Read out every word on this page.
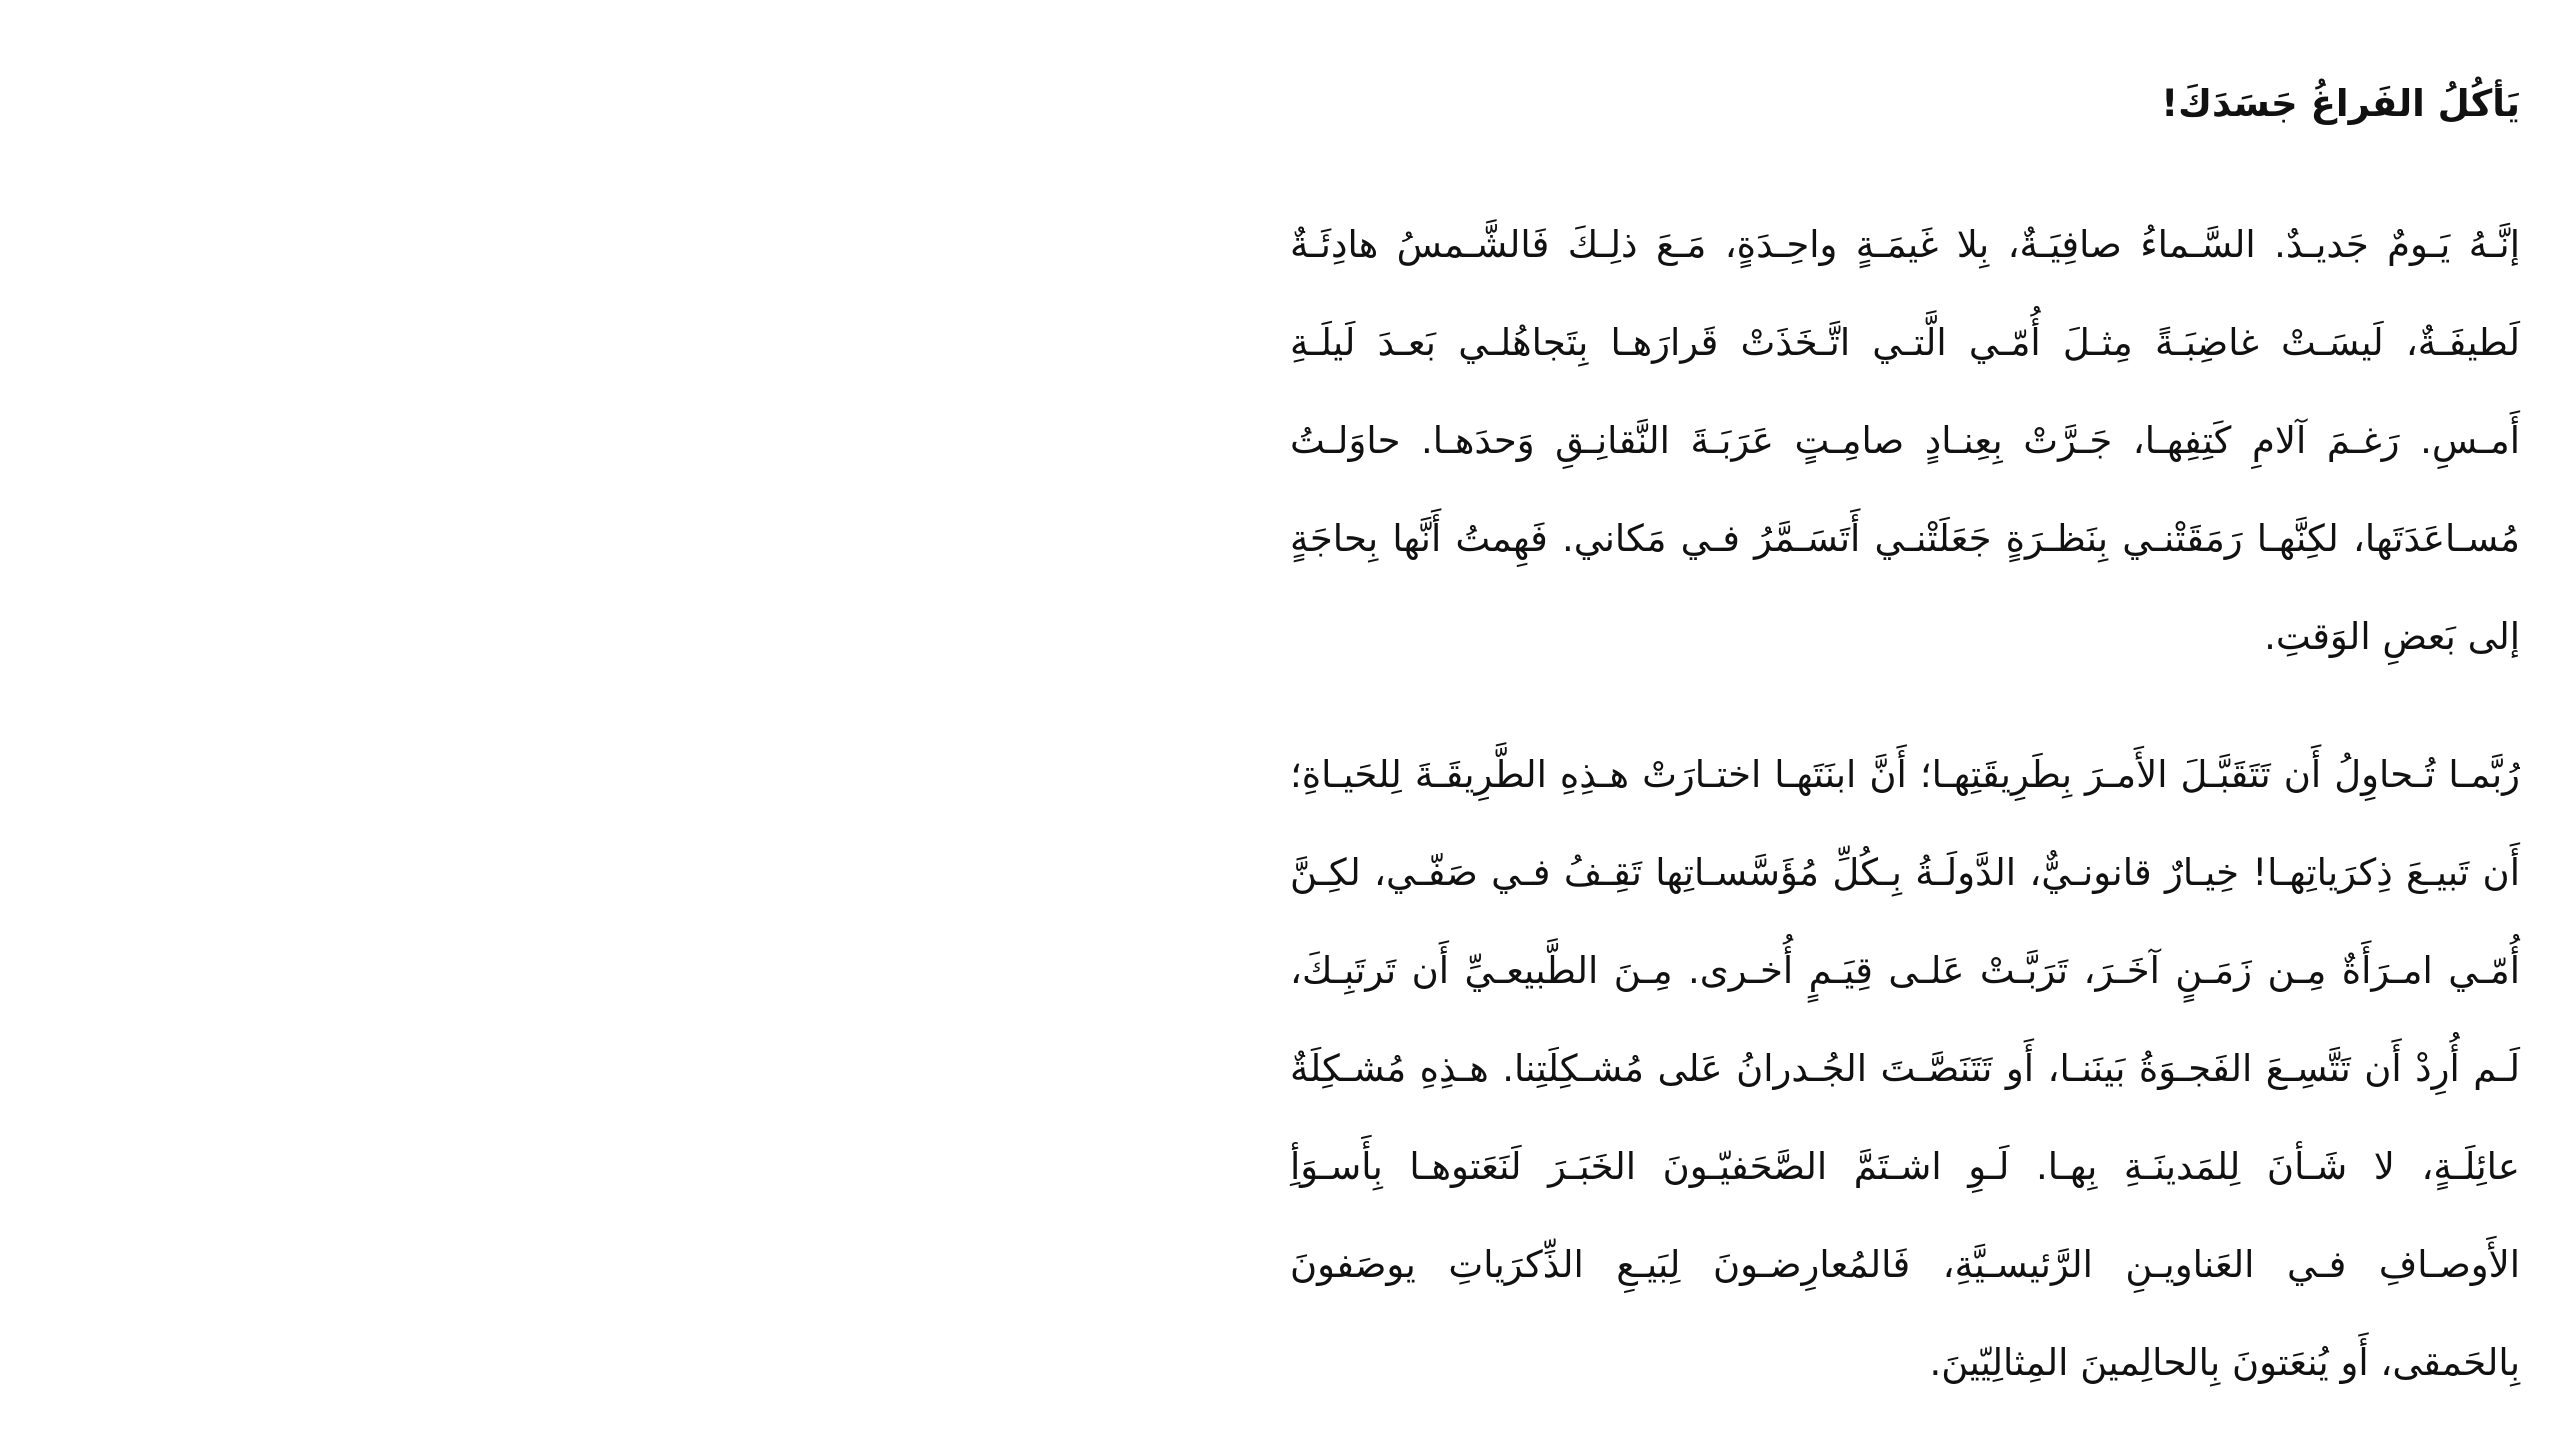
يَأكُلُ الفَراغُ جَسَدَكَ!

إنَّـهُ يَـومٌ جَديـدٌ. السَّـماءُ صافِيَـةٌ، بِلا غَيمَـةٍ واحِـدَةٍ، مَـعَ ذلِـكَ فَالشَّـمسُ هادِئَـةٌ لَطيفَـةٌ، لَيسَـتْ غاضِبَـةً مِثـلَ أُمّـي الَّتـي اتَّـخَذَتْ قَرارَهـا بِتَجاهُلـي بَعـدَ لَيلَـةِ أَمـسِ. رَغـمَ آلامِ كَتِفِهـا، جَـرَّتْ بِعِنـادٍ صامِـتٍ عَرَبَـةَ النَّقانِـقِ وَحدَهـا. حاوَلـتُ مُسـاعَدَتَها، لكِنَّهـا رَمَقَتْنـي بِنَظـرَةٍ جَعَلَتْنـي أَتَسَـمَّرُ فـي مَكاني. فَهِمتُ أَنَّها بِحاجَةٍ إلى بَعضِ الوَقتِ.

رُبَّمـا تُـحاوِلُ أَن تَتَقَبَّـلَ الأَمـرَ بِطَرِيقَتِهـا؛ أَنَّ ابنَتَهـا اختـارَتْ هـذِهِ الطَّرِيقَـةَ لِلحَيـاةِ؛ أَن تَبيـعَ ذِكرَياتِهـا! خِيـارٌ قانونـيٌّ، الدَّولَـةُ بِـكُلِّ مُؤَسَّسـاتِها تَقِـفُ فـي صَفّـي، لكِـنَّ أُمّـي امـرَأَةٌ مِـن زَمَـنٍ آخَـرَ، تَرَبَّـتْ عَلـى قِيَـمٍ أُخـرى. مِـنَ الطَّبيعـيِّ أَن تَرتَبِـكَ، لَـم أُرِدْ أَن تَتَّسِـعَ الفَجـوَةُ بَينَنـا، أَو تَتَنَصَّـتَ الجُـدرانُ عَلى مُشـكِلَتِنا. هـذِهِ مُشـكِلَةٌ عائِلَـةٍ، لا شَـأنَ لِلمَدينَـةِ بِهـا. لَـوِ اشـتَمَّ الصَّحَفيّـونَ الخَبَـرَ لَنَعَتوهـا بِأَسـوَأِ الأَوصـافِ فـي العَناويـنِ الرَّئيسـيَّةِ، فَالمُعارِضـونَ لِبَيـعِ الذِّكرَياتِ يوصَفونَ بِالحَمقى، أَو يُنعَتونَ بِالحالِمينَ المِثالِيّينَ.
